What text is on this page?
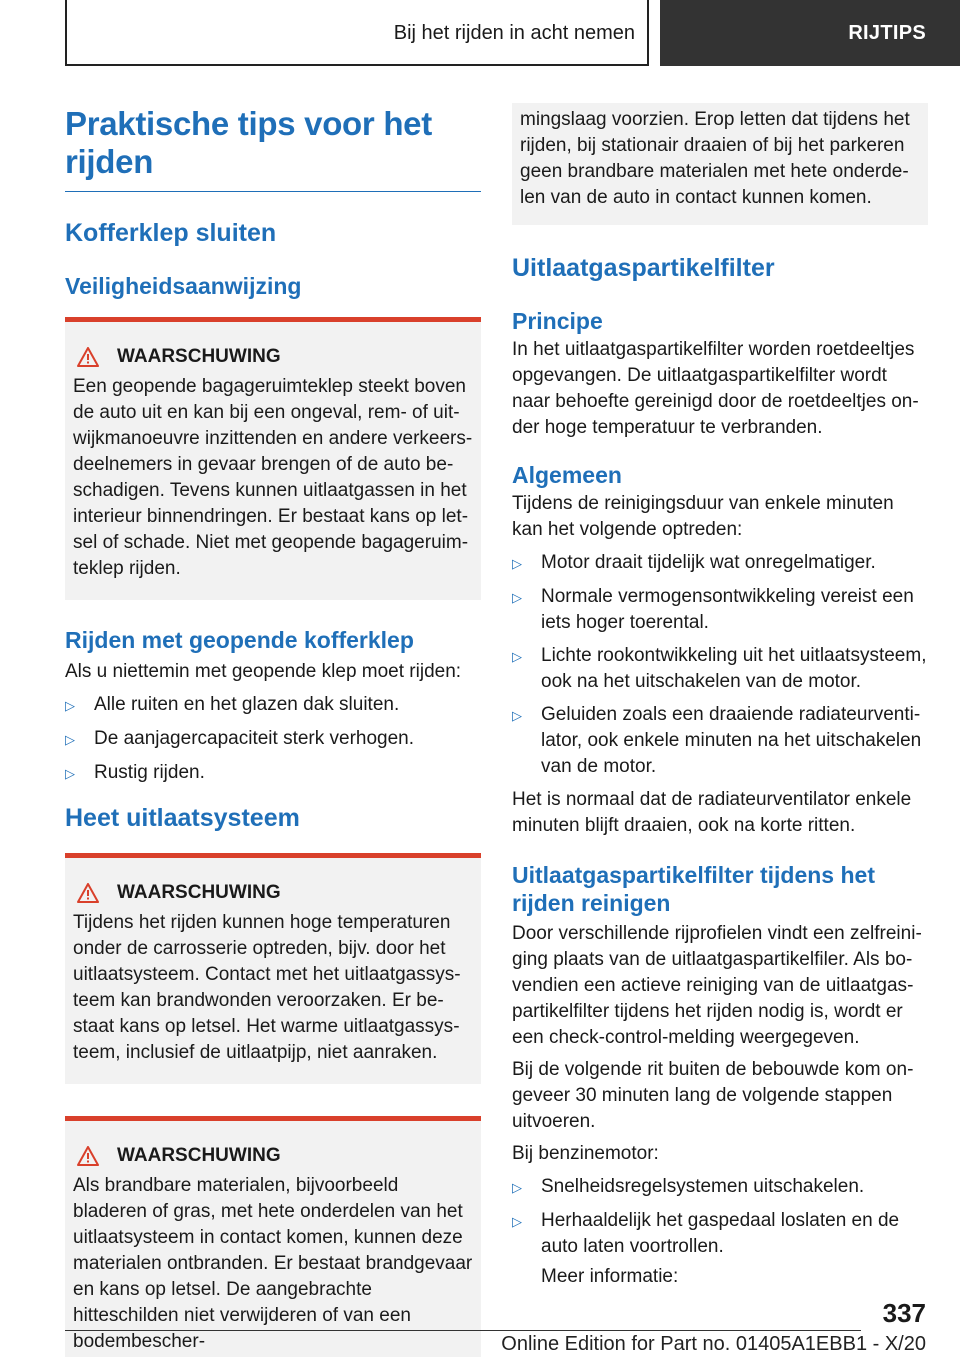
Bij het rijden in acht nemen	RIJTIPS
Praktische tips voor het rijden
Kofferklep sluiten
Veiligheidsaanwijzing
WAARSCHUWING

Een geopende bagageruimteklep steekt boven de auto uit en kan bij een ongeval, rem- of uitwijkmanoeuvre inzittenden en andere verkeersdeelnemers in gevaar brengen of de auto beschadigen. Tevens kunnen uitlaatgassen in het interieur binnendringen. Er bestaat kans op letsel of schade. Niet met geopende bagageruimteklep rijden.

Rijden met geopende kofferklep

Als u niettemin met geopende klep moet rijden:

▷	Alle ruiten en het glazen dak sluiten.
▷	De aanjagercapaciteit sterk verhogen.
▷	Rustig rijden.
Heet uitlaatsysteem
WAARSCHUWING

Tijdens het rijden kunnen hoge temperaturen onder de carrosserie optreden, bijv. door het uitlaatsysteem. Contact met het uitlaatgassysteem kan brandwonden veroorzaken. Er bestaat kans op letsel. Het warme uitlaatgassysteem, inclusief de uitlaatpijp, niet aanraken.

WAARSCHUWING

Als brandbare materialen, bijvoorbeeld bladeren of gras, met hete onderdelen van het uitlaatsysteem in contact komen, kunnen deze materialen ontbranden. Er bestaat brandgevaar en kans op letsel. De aangebrachte hitteschilden niet verwijderen of van een bodembescher-

mingslaag voorzien. Erop letten dat tijdens het rijden, bij stationair draaien of bij het parkeren geen brandbare materialen met hete onderdelen van de auto in contact kunnen komen.

Uitlaatgaspartikelfilter
Principe

In het uitlaatgaspartikelfilter worden roetdeeltjes opgevangen. De uitlaatgaspartikelfilter wordt naar behoefte gereinigd door de roetdeeltjes onder hoge temperatuur te verbranden.

Algemeen

Tijdens de reinigingsduur van enkele minuten kan het volgende optreden:

▷	Motor draait tijdelijk wat onregelmatiger.
▷	Normale vermogensontwikkeling vereist een iets hoger toerental.
▷	Lichte rookontwikkeling uit het uitlaatsysteem, ook na het uitschakelen van de motor.
▷	Geluiden zoals een draaiende radiateurventilator, ook enkele minuten na het uitschakelen van de motor.

Het is normaal dat de radiateurventilator enkele minuten blijft draaien, ook na korte ritten.

Uitlaatgaspartikelfilter tijdens het rijden reinigen

Door verschillende rijprofielen vindt een zelfreiniging plaats van de uitlaatgaspartikelfiler. Als bovendien een actieve reiniging van de uitlaatgaspartikelfilter tijdens het rijden nodig is, wordt er een check-control-melding weergegeven.

Bij de volgende rit buiten de bebouwde kom ongeveer 30 minuten lang de volgende stappen uitvoeren.

Bij benzinemotor:

▷	Snelheidsregelsystemen uitschakelen.
▷	Herhaaldelijk het gaspedaal loslaten en de auto laten voortrollen.
Meer informatie:
337
Online Edition for Part no. 01405A1EBB1 - X/20
